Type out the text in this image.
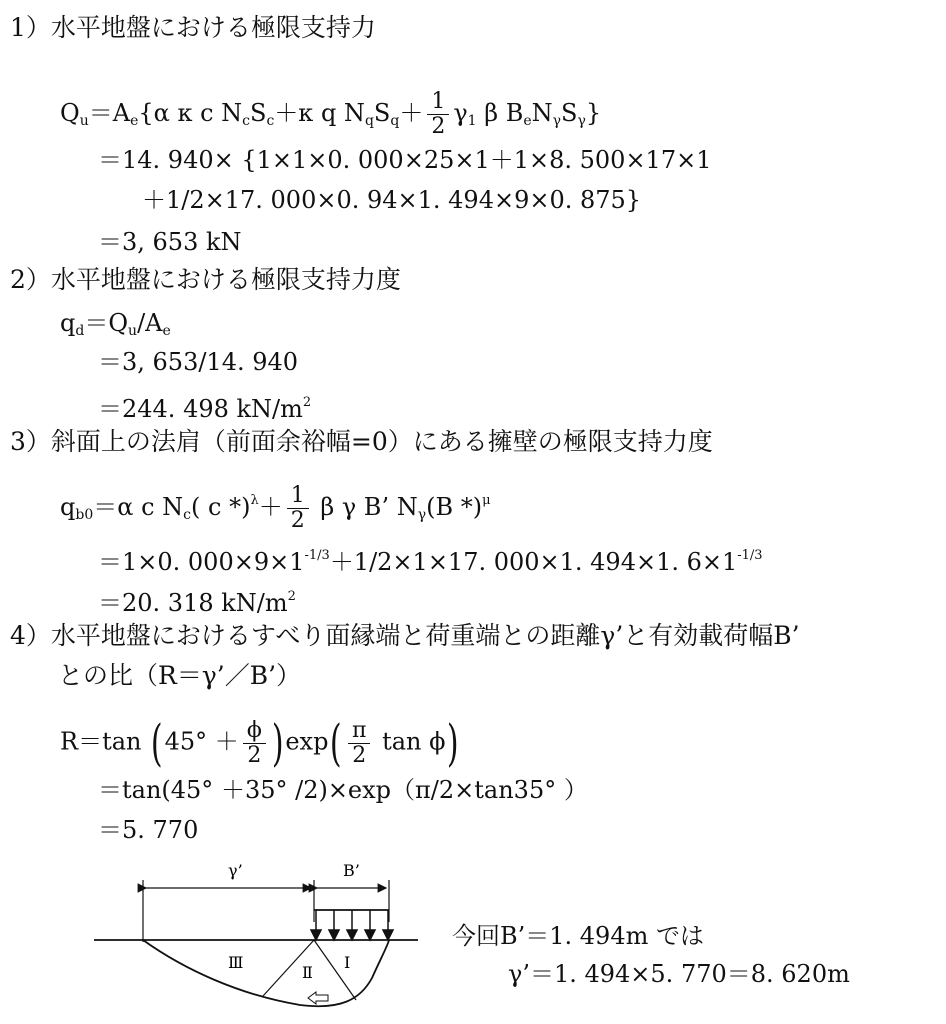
1）水平地盤における極限支持力
$Q_u=A_e\{\alpha$ κ c $N_cS_c+\kappa$ q $N_qS_q+ \frac{1}{2} \gamma_1$ β $B_eN_\gamma S_\gamma$}
＝14. 940× {1×1×0. 000×25×1＋1×8. 500×17×1
＋1/2×17. 000×0. 94×1. 494×9×0. 875}
＝3, 653 kN
2）水平地盤における極限支持力度
$q_d=Q_u/A_e$
＝3, 653/14. 940
＝244. 498 $kN/m^2$
3）斜面上の法肩（前面余裕幅=0）にある擁壁の極限支持力度
$q_{b0}=\alpha$ c $N_c$( c $*)^\lambda+ \frac{1}{2}$ β γ B’ $N_\gamma(B$ *)$^\mu$
＝1×0. $000\times 9\times 1^{-1/3}+1/2\times 1\times 17$. 000×1. 494×1. $6\times 1^{-1/3}$
＝20. 318 $kN/m^2$
4）水平地盤におけるすべり面縁端と荷重端との距離γ’と有効載荷幅B’
との比（R＝γ’／B’）
R＝tan $(45^\circ + \frac{\phi}{2} )\exp( \frac{\pi}{2}$ tan ϕ)
＝tan(45° ＋35° /2)×exp（π/2×tan35° ）
＝5. 770
γ’	B’
Ⅲ
Ⅱ
Ⅰ
今回B’＝1. 494m では
γ’＝1. 494×5. 770＝8. 620m
